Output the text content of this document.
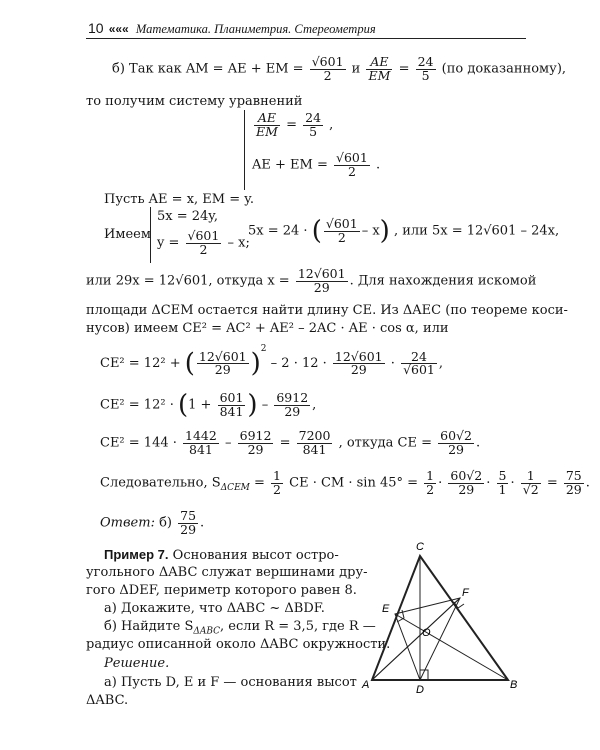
10 ««« Математика. Планиметрия. Стереометрия
б) Так как AM = AE + EM = $\frac{√601}{2}$ и $\frac{AE}{EM} = \frac{24}{5} (по$ доказанному),
то получим систему уравнений
$\frac{AE}{EM} = \frac{24}{5}$ ,
AE + EM = $\frac{√601}{2}$ .
Пусть AE = x, EM = y.
Имеем
5x = 24y,
$y = \frac{√601}{2} - x$;
5x = 24 · ( $\frac{√601}{2} - x$) , или 5x = 12√601 – 24x,
или 29x = 12√601, откуда $x = \frac{12√601}{29}$ . Для нахождения искомой
площади ΔCEM остается найти длину CE. Из ΔAEC (по теореме коси-
нусов) имеем CE² = AC² + AE² – 2AC · AE · cos α, или
CE² = 12² + ( $\frac{12√601}{29} )^2 - 2 \cdot 12 \cdot \frac{12√601}{29} \cdot \frac{24}{√601}$ ,
$CE^2 = 12^2 \cdot (1 + \frac{601}{841}$ ) – $\frac{6912}{29}$ ,
$CE^2 = 144 \cdot \frac{1442}{841} - \frac{6912}{29} = \frac{7200}{841}$ , откуда CE = $\frac{60√2}{29}$ .
Следовательно, $S_{\Delta CEM} = \frac{1}{2}$ CE · CM · $\sin 45^\circ = \frac{1}{2} \cdot \frac{60√2}{29} \cdot \frac{5}{1} \cdot \frac{1}{√2} = \frac{75}{29}$ .
Ответ: $б) \frac{75}{29}$ .
Пример 7. Основания высот остро-
угольного ΔABC служат вершинами дру-
гого ΔDEF, периметр которого равен 8.
а) Докажите, что ΔABC ~ ΔBDF.
б) Найдите $S_{\Delta ABC}$, если R = 3,5, где R —
радиус описанной около ΔABC окружности.
Решение.
а) Пусть D, E и F — основания высот
ΔABC.
A	B
C
D
E
F
O
